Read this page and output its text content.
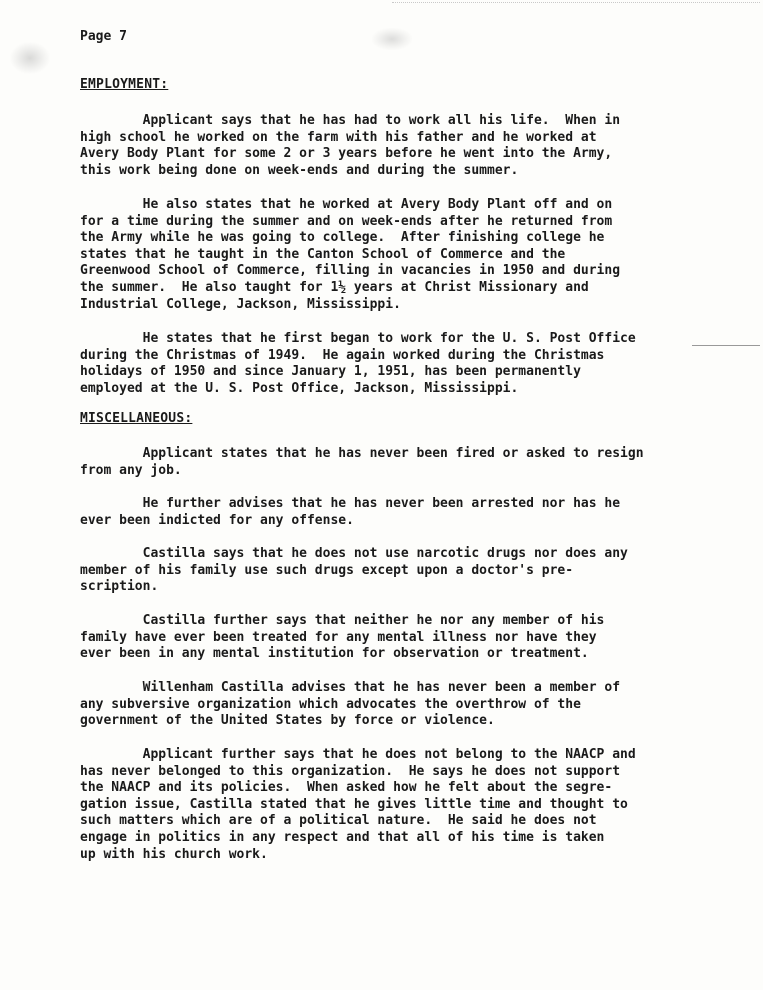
Page 7
EMPLOYMENT:

Applicant says that he has had to work all his life.  When in
high school he worked on the farm with his father and he worked at
Avery Body Plant for some 2 or 3 years before he went into the Army,
this work being done on week-ends and during the summer.

He also states that he worked at Avery Body Plant off and on
for a time during the summer and on week-ends after he returned from
the Army while he was going to college.  After finishing college he
states that he taught in the Canton School of Commerce and the
Greenwood School of Commerce, filling in vacancies in 1950 and during
the summer.  He also taught for 1½ years at Christ Missionary and
Industrial College, Jackson, Mississippi.

He states that he first began to work for the U. S. Post Office
during the Christmas of 1949.  He again worked during the Christmas
holidays of 1950 and since January 1, 1951, has been permanently
employed at the U. S. Post Office, Jackson, Mississippi.

MISCELLANEOUS:

Applicant states that he has never been fired or asked to resign
from any job.

He further advises that he has never been arrested nor has he
ever been indicted for any offense.

Castilla says that he does not use narcotic drugs nor does any
member of his family use such drugs except upon a doctor's pre-
scription.

Castilla further says that neither he nor any member of his
family have ever been treated for any mental illness nor have they
ever been in any mental institution for observation or treatment.

Willenham Castilla advises that he has never been a member of
any subversive organization which advocates the overthrow of the
government of the United States by force or violence.

Applicant further says that he does not belong to the NAACP and
has never belonged to this organization.  He says he does not support
the NAACP and its policies.  When asked how he felt about the segre-
gation issue, Castilla stated that he gives little time and thought to
such matters which are of a political nature.  He said he does not
engage in politics in any respect and that all of his time is taken
up with his church work.
